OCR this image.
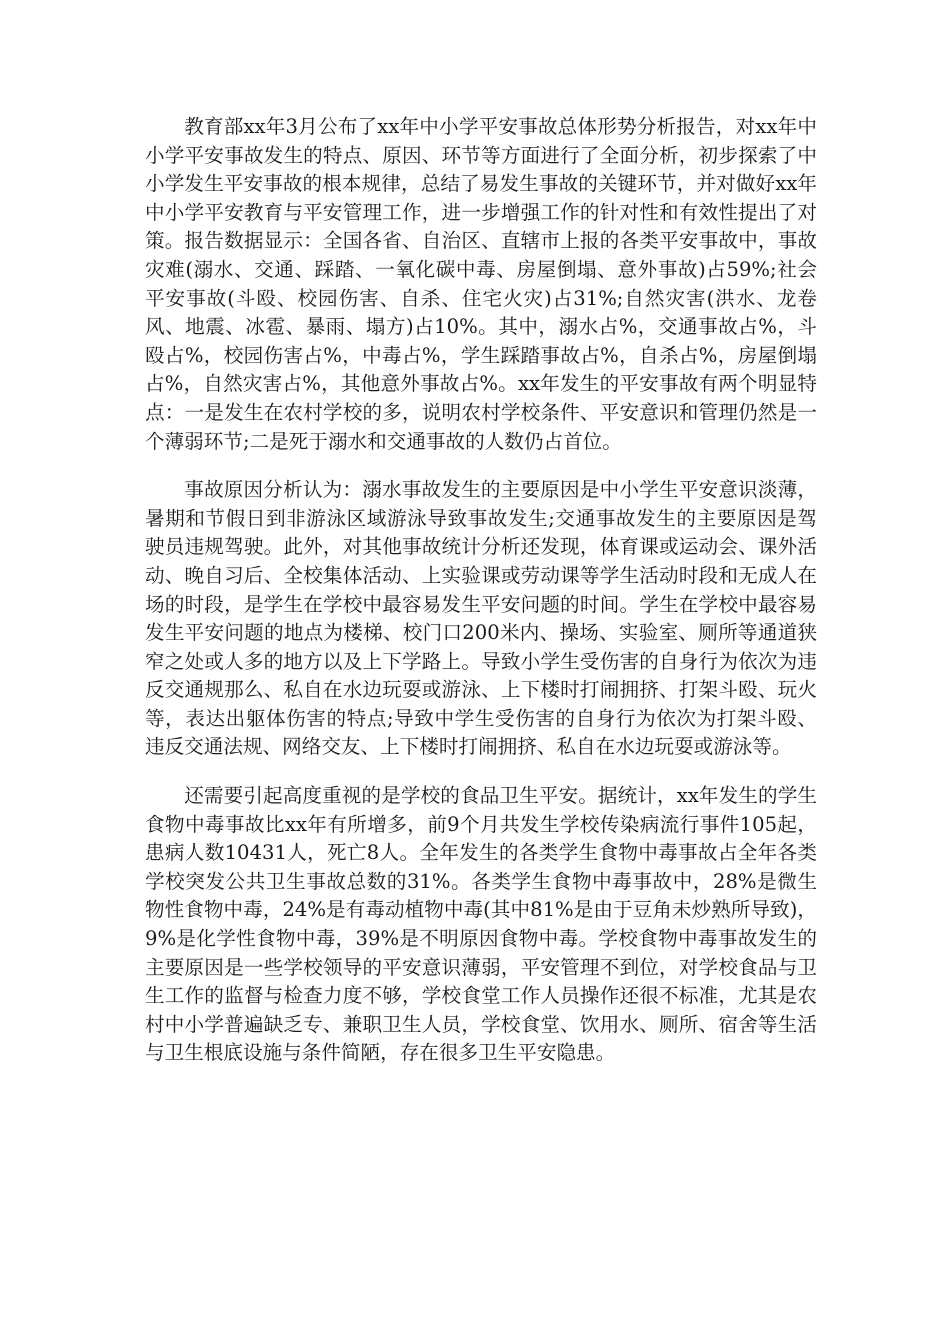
教育部xx年3月公布了xx年中小学平安事故总体形势分析报告，对xx年中小学平安事故发生的特点、原因、环节等方面进行了全面分析，初步探索了中小学发生平安事故的根本规律，总结了易发生事故的关键环节，并对做好xx年中小学平安教育与平安管理工作，进一步增强工作的针对性和有效性提出了对策。报告数据显示：全国各省、自治区、直辖市上报的各类平安事故中，事故灾难(溺水、交通、踩踏、一氧化碳中毒、房屋倒塌、意外事故)占59%;社会平安事故(斗殴、校园伤害、自杀、住宅火灾)占31%;自然灾害(洪水、龙卷风、地震、冰雹、暴雨、塌方)占10%。其中，溺水占%，交通事故占%，斗殴占%，校园伤害占%，中毒占%，学生踩踏事故占%，自杀占%，房屋倒塌占%，自然灾害占%，其他意外事故占%。xx年发生的平安事故有两个明显特点：一是发生在农村学校的多，说明农村学校条件、平安意识和管理仍然是一个薄弱环节;二是死于溺水和交通事故的人数仍占首位。

事故原因分析认为：溺水事故发生的主要原因是中小学生平安意识淡薄，暑期和节假日到非游泳区域游泳导致事故发生;交通事故发生的主要原因是驾驶员违规驾驶。此外，对其他事故统计分析还发现，体育课或运动会、课外活动、晚自习后、全校集体活动、上实验课或劳动课等学生活动时段和无成人在场的时段，是学生在学校中最容易发生平安问题的时间。学生在学校中最容易发生平安问题的地点为楼梯、校门口200米内、操场、实验室、厕所等通道狭窄之处或人多的地方以及上下学路上。导致小学生受伤害的自身行为依次为违反交通规那么、私自在水边玩耍或游泳、上下楼时打闹拥挤、打架斗殴、玩火等，表达出躯体伤害的特点;导致中学生受伤害的自身行为依次为打架斗殴、违反交通法规、网络交友、上下楼时打闹拥挤、私自在水边玩耍或游泳等。

还需要引起高度重视的是学校的食品卫生平安。据统计，xx年发生的学生食物中毒事故比xx年有所增多，前9个月共发生学校传染病流行事件105起，患病人数10431人，死亡8人。全年发生的各类学生食物中毒事故占全年各类学校突发公共卫生事故总数的31%。各类学生食物中毒事故中，28%是微生物性食物中毒，24%是有毒动植物中毒(其中81%是由于豆角未炒熟所导致)，9%是化学性食物中毒，39%是不明原因食物中毒。学校食物中毒事故发生的主要原因是一些学校领导的平安意识薄弱，平安管理不到位，对学校食品与卫生工作的监督与检查力度不够，学校食堂工作人员操作还很不标准，尤其是农村中小学普遍缺乏专、兼职卫生人员，学校食堂、饮用水、厕所、宿舍等生活与卫生根底设施与条件简陋，存在很多卫生平安隐患。
